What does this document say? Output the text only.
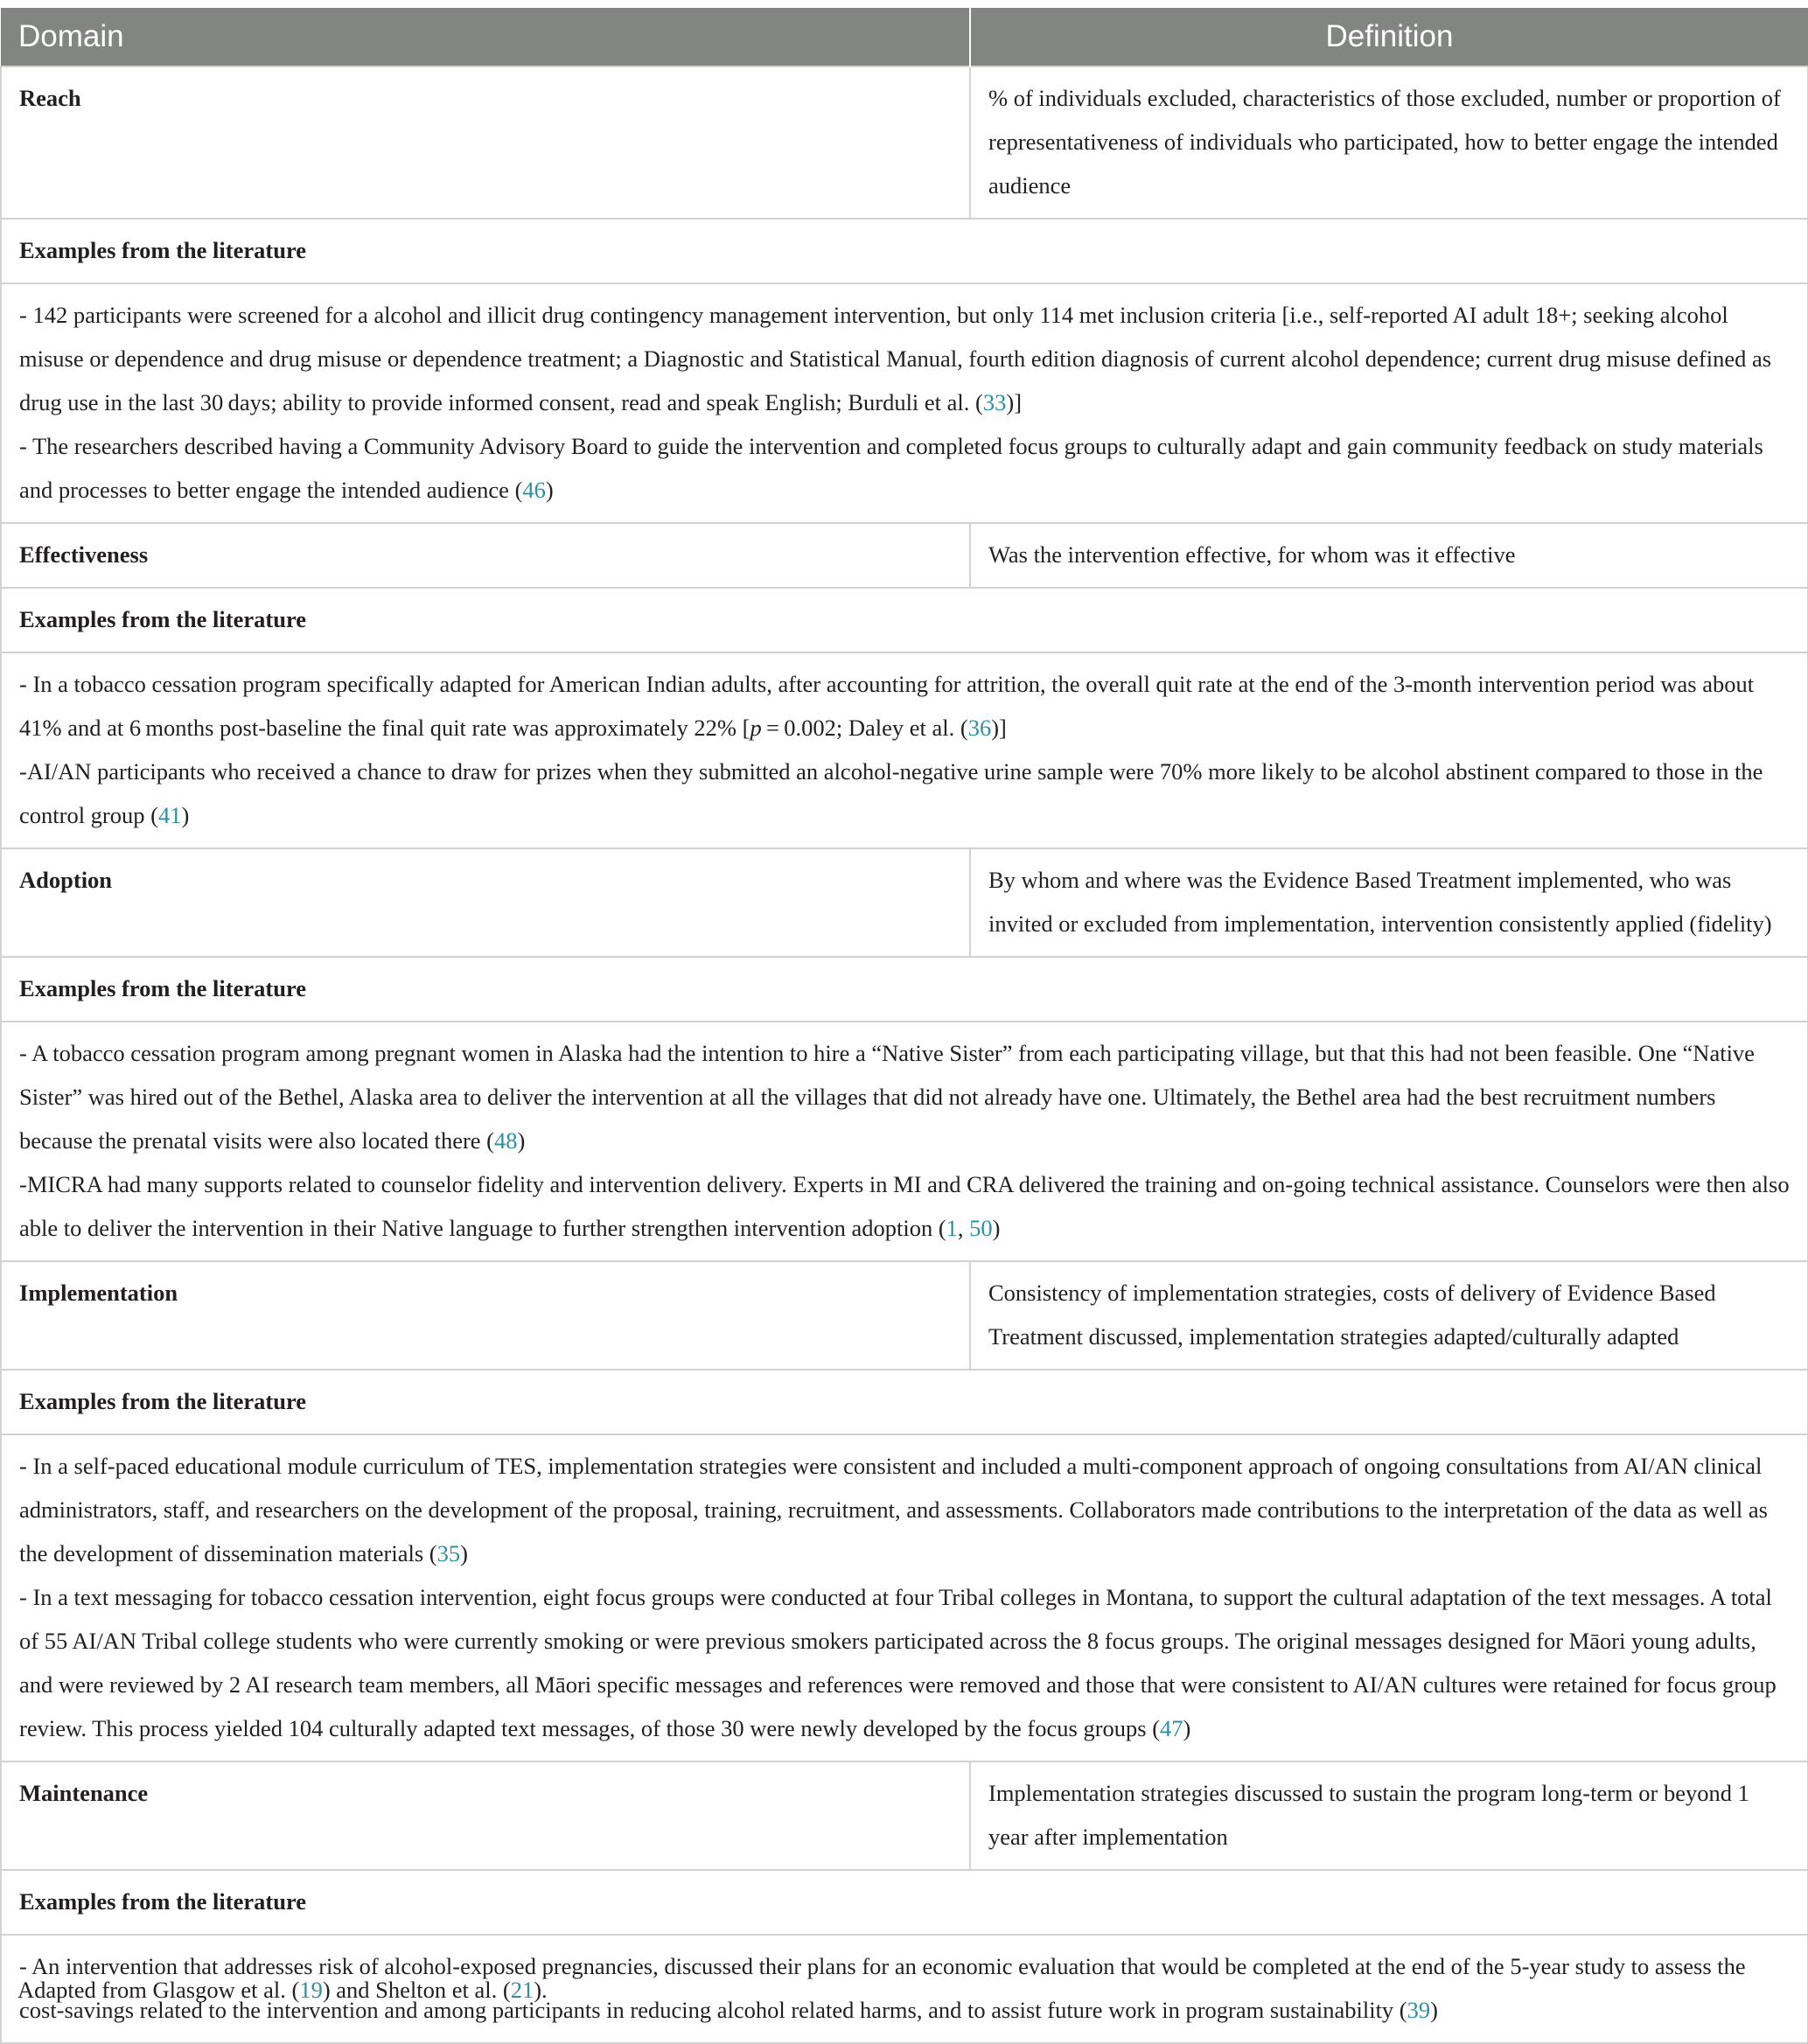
Domain	Definition
Reach	% of individuals excluded, characteristics of those excluded, number or proportion of representativeness of individuals who participated, how to better engage the intended audience
Examples from the literature	

- 142 participants were screened for a alcohol and illicit drug contingency management intervention, but only 114 met inclusion criteria [i.e., self-reported AI adult 18+; seeking alcohol misuse or dependence and drug misuse or dependence treatment; a Diagnostic and Statistical Manual, fourth edition diagnosis of current alcohol dependence; current drug misuse defined as drug use in the last 30 days; ability to provide informed consent, read and speak English; Burduli et al. (33)]
- The researchers described having a Community Advisory Board to guide the intervention and completed focus groups to culturally adapt and gain community feedback on study materials and processes to better engage the intended audience (46)	

Effectiveness	Was the intervention effective, for whom was it effective
Examples from the literature	

- In a tobacco cessation program specifically adapted for American Indian adults, after accounting for attrition, the overall quit rate at the end of the 3-month intervention period was about 41% and at 6 months post-baseline the final quit rate was approximately 22% [p = 0.002; Daley et al. (36)]
-AI/AN participants who received a chance to draw for prizes when they submitted an alcohol-negative urine sample were 70% more likely to be alcohol abstinent compared to those in the control group (41)	

Adoption	By whom and where was the Evidence Based Treatment implemented, who was invited or excluded from implementation, intervention consistently applied (fidelity)
Examples from the literature	

- A tobacco cessation program among pregnant women in Alaska had the intention to hire a “Native Sister” from each participating village, but that this had not been feasible. One “Native Sister” was hired out of the Bethel, Alaska area to deliver the intervention at all the villages that did not already have one. Ultimately, the Bethel area had the best recruitment numbers because the prenatal visits were also located there (48)
-MICRA had many supports related to counselor fidelity and intervention delivery. Experts in MI and CRA delivered the training and on-going technical assistance. Counselors were then also able to deliver the intervention in their Native language to further strengthen intervention adoption (1, 50)	

Implementation	Consistency of implementation strategies, costs of delivery of Evidence Based Treatment discussed, implementation strategies adapted/culturally adapted
Examples from the literature	

- In a self-paced educational module curriculum of TES, implementation strategies were consistent and included a multi-component approach of ongoing consultations from AI/AN clinical administrators, staff, and researchers on the development of the proposal, training, recruitment, and assessments. Collaborators made contributions to the interpretation of the data as well as the development of dissemination materials (35)
- In a text messaging for tobacco cessation intervention, eight focus groups were conducted at four Tribal colleges in Montana, to support the cultural adaptation of the text messages. A total of 55 AI/AN Tribal college students who were currently smoking or were previous smokers participated across the 8 focus groups. The original messages designed for Māori young adults, and were reviewed by 2 AI research team members, all Māori specific messages and references were removed and those that were consistent to AI/AN cultures were retained for focus group review. This process yielded 104 culturally adapted text messages, of those 30 were newly developed by the focus groups (47)	

Maintenance	Implementation strategies discussed to sustain the program long-term or beyond 1 year after implementation
Examples from the literature	

- An intervention that addresses risk of alcohol-exposed pregnancies, discussed their plans for an economic evaluation that would be completed at the end of the 5-year study to assess the cost-savings related to the intervention and among participants in reducing alcohol related harms, and to assist future work in program sustainability (39)	
Adapted from Glasgow et al. (19) and Shelton et al. (21).
